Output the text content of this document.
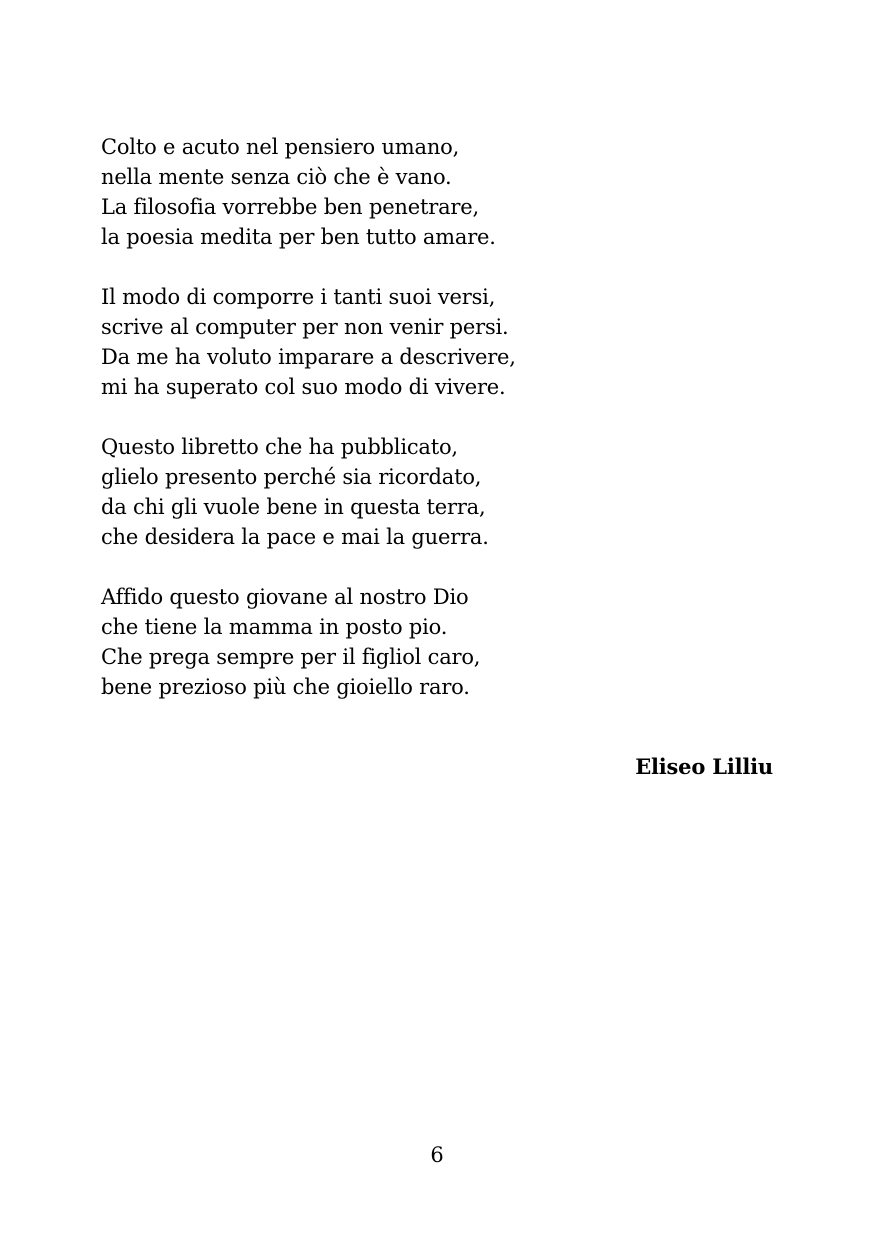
Colto e acuto nel pensiero umano,
nella mente senza ciò che è vano.
La filosofia vorrebbe ben penetrare,
la poesia medita per ben tutto amare.
Il modo di comporre i tanti suoi versi,
scrive al computer per non venir persi.
Da me ha voluto imparare a descrivere,
mi ha superato col suo modo di vivere.
Questo libretto che ha pubblicato,
glielo presento perché sia ricordato,
da chi gli vuole bene in questa terra,
che desidera la pace e mai la guerra.
Affido questo giovane al nostro Dio
che tiene la mamma in posto pio.
Che prega sempre per il figliol caro,
bene prezioso più che gioiello raro.
Eliseo Lilliu
6
